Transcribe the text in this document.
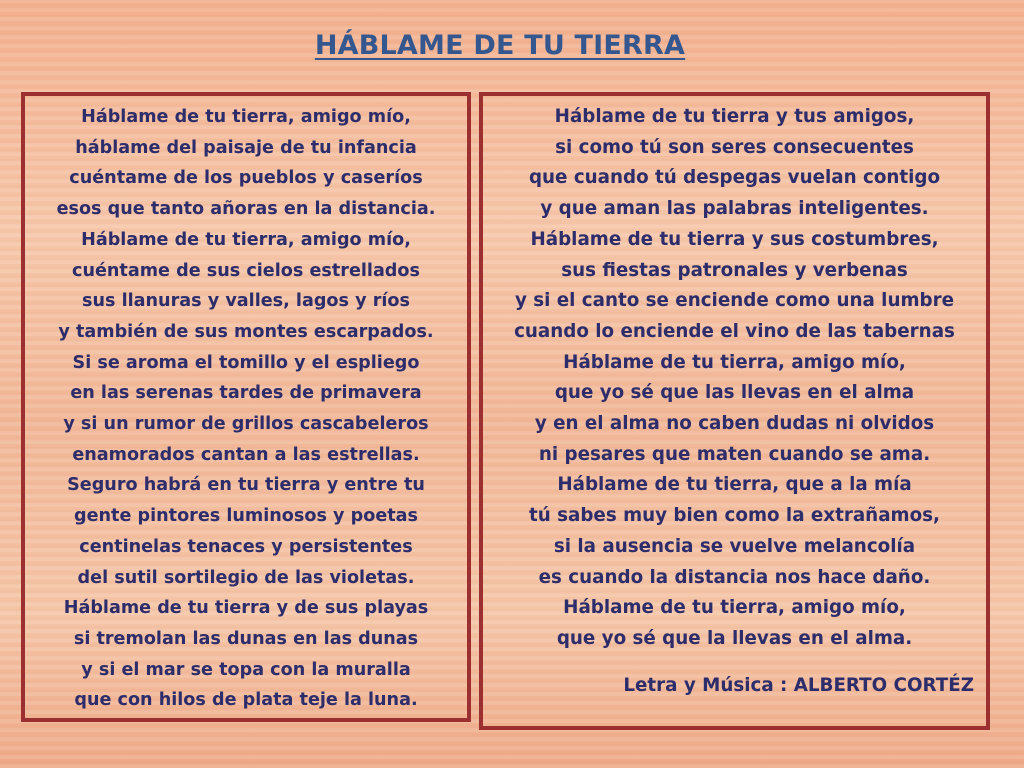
HÁBLAME DE TU TIERRA
Háblame de tu tierra, amigo mío,
háblame del paisaje de tu infancia
cuéntame de los pueblos y caseríos
esos que tanto añoras en la distancia.
Háblame de tu tierra, amigo mío,
cuéntame de sus cielos estrellados
sus llanuras y valles, lagos y ríos
y también de sus montes escarpados.
Si se aroma el tomillo y el espliego
en las serenas tardes de primavera
y si un rumor de grillos cascabeleros
enamorados cantan a las estrellas.
Seguro habrá en tu tierra y entre tu
gente pintores luminosos y poetas
centinelas tenaces y persistentes
del sutil sortilegio de las violetas.
Háblame de tu tierra y de sus playas
si tremolan las dunas en las dunas
y si el mar se topa con la muralla
que con hilos de plata teje la luna.
Háblame de tu tierra y tus amigos,
si como tú son seres consecuentes
que cuando tú despegas vuelan contigo
y que aman las palabras inteligentes.
Háblame de tu tierra y sus costumbres,
sus fiestas patronales y verbenas
y si el canto se enciende como una lumbre
cuando lo enciende el vino de las tabernas
Háblame de tu tierra, amigo mío,
que yo sé que las llevas en el alma
y en el alma no caben dudas ni olvidos
ni pesares que maten cuando se ama.
Háblame de tu tierra, que a la mía
tú sabes muy bien como la extrañamos,
si la ausencia se vuelve melancolía
es cuando la distancia nos hace daño.
Háblame de tu tierra, amigo mío,
que yo sé que la llevas en el alma.
Letra y Música : ALBERTO CORTÉZ
